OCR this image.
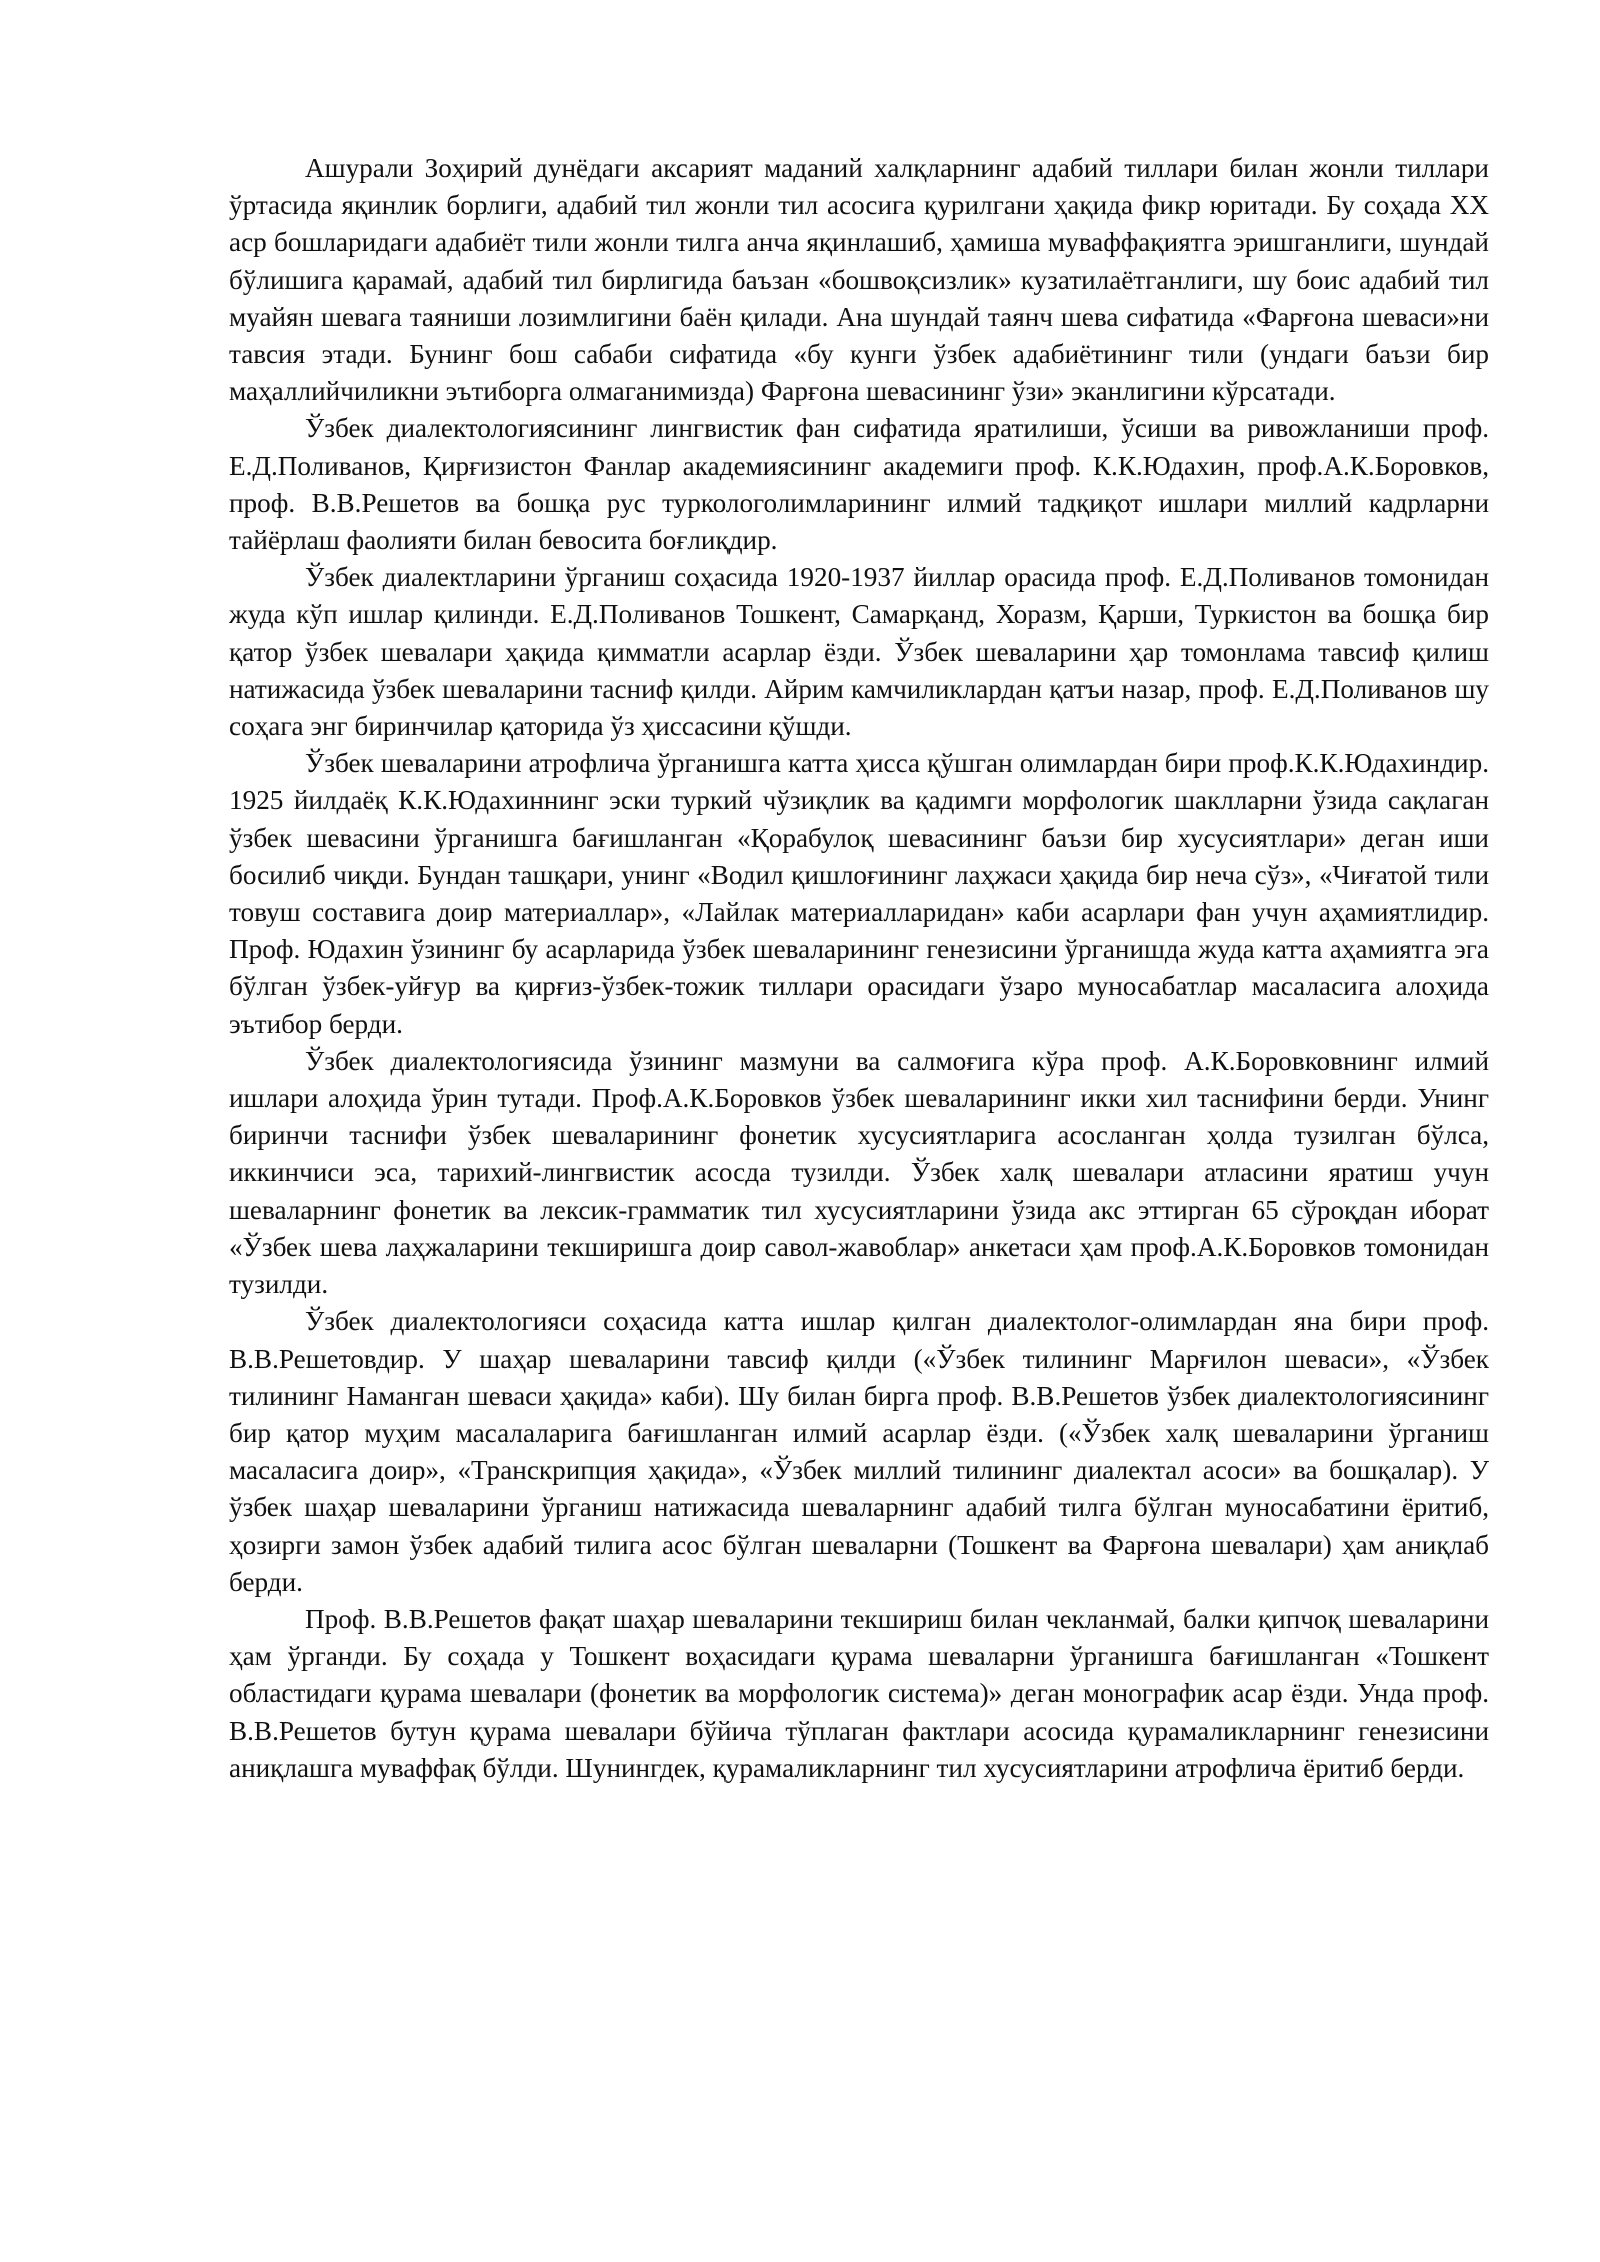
Ашурали Зоҳирий дунёдаги аксарият маданий халқларнинг адабий тиллари билан жонли тиллари ўртасида яқинлик борлиги, адабий тил жонли тил асосига қурилгани ҳақида фикр юритади. Бу соҳада ХХ аср бошларидаги адабиёт тили жонли тилга анча яқинлашиб, ҳамиша муваффақиятга эришганлиги, шундай бўлишига қарамай, адабий тил бирлигида баъзан «бошвоқсизлик» кузатилаётганлиги, шу боис адабий тил муайян шевага таяниши лозимлигини баён қилади. Ана шундай таянч шева сифатида «Фарғона шеваси»ни тавсия этади. Бунинг бош сабаби сифатида «бу кунги ўзбек адабиётининг тили (ундаги баъзи бир маҳаллийчиликни эътиборга олмаганимизда) Фарғона шевасининг ўзи» эканлигини кўрсатади.

Ўзбек диалектологиясининг лингвистик фан сифатида яратилиши, ўсиши ва ривожланиши проф. Е.Д.Поливанов, Қирғизистон Фанлар академиясининг академиги проф. К.К.Юдахин, проф.А.К.Боровков, проф. В.В.Решетов ва бошқа рус туркологолимларининг илмий тадқиқот ишлари миллий кадрларни тайёрлаш фаолияти билан бевосита боғлиқдир.

Ўзбек диалектларини ўрганиш соҳасида 1920-1937 йиллар орасида проф. Е.Д.Поливанов томонидан жуда кўп ишлар қилинди. Е.Д.Поливанов Тошкент, Самарқанд, Хоразм, Қарши, Туркистон ва бошқа бир қатор ўзбек шевалари ҳақида қимматли асарлар ёзди. Ўзбек шеваларини ҳар томонлама тавсиф қилиш натижасида ўзбек шеваларини тасниф қилди. Айрим камчиликлардан қатъи назар, проф. Е.Д.Поливанов шу соҳага энг биринчилар қаторида ўз ҳиссасини қўшди.

Ўзбек шеваларини атрофлича ўрганишга катта ҳисса қўшган олимлардан бири проф.К.К.Юдахиндир. 1925 йилдаёқ К.К.Юдахиннинг эски туркий чўзиқлик ва қадимги морфологик шаклларни ўзида сақлаган ўзбек шевасини ўрганишга бағишланган «Қорабулоқ шевасининг баъзи бир хусусиятлари» деган иши босилиб чиқди. Бундан ташқари, унинг «Водил қишлоғининг лаҳжаси ҳақида бир неча сўз», «Чиғатой тили товуш составига доир материаллар», «Лайлак материалларидан» каби асарлари фан учун аҳамиятлидир. Проф. Юдахин ўзининг бу асарларида ўзбек шеваларининг генезисини ўрганишда жуда катта аҳамиятга эга бўлган ўзбек-уйғур ва қирғиз-ўзбек-тожик тиллари орасидаги ўзаро муносабатлар масаласига алоҳида эътибор берди.

Ўзбек диалектологиясида ўзининг мазмуни ва салмоғига кўра проф. А.К.Боровковнинг илмий ишлари алоҳида ўрин тутади. Проф.А.К.Боровков ўзбек шеваларининг икки хил таснифини берди. Унинг биринчи таснифи ўзбек шеваларининг фонетик хусусиятларига асосланган ҳолда тузилган бўлса, иккинчиси эса, тарихий-лингвистик асосда тузилди. Ўзбек халқ шевалари атласини яратиш учун шеваларнинг фонетик ва лексик-грамматик тил хусусиятларини ўзида акс эттирган 65 сўроқдан иборат «Ўзбек шева лаҳжаларини текширишга доир савол-жавоблар» анкетаси ҳам проф.А.К.Боровков томонидан тузилди.

Ўзбек диалектологияси соҳасида катта ишлар қилган диалектолог-олимлардан яна бири проф. В.В.Решетовдир. У шаҳар шеваларини тавсиф қилди («Ўзбек тилининг Марғилон шеваси», «Ўзбек тилининг Наманган шеваси ҳақида» каби). Шу билан бирга проф. В.В.Решетов ўзбек диалектологиясининг бир қатор муҳим масалаларига бағишланган илмий асарлар ёзди. («Ўзбек халқ шеваларини ўрганиш масаласига доир», «Транскрипция ҳақида», «Ўзбек миллий тилининг диалектал асоси» ва бошқалар). У ўзбек шаҳар шеваларини ўрганиш натижасида шеваларнинг адабий тилга бўлган муносабатини ёритиб, ҳозирги замон ўзбек адабий тилига асос бўлган шеваларни (Тошкент ва Фарғона шевалари) ҳам аниқлаб берди.

Проф. В.В.Решетов фақат шаҳар шеваларини текшириш билан чекланмай, балки қипчоқ шеваларини ҳам ўрганди. Бу соҳада у Тошкент воҳасидаги қурама шеваларни ўрганишга бағишланган «Тошкент областидаги қурама шевалари (фонетик ва морфологик система)» деган монографик асар ёзди. Унда проф. В.В.Решетов бутун қурама шевалари бўйича тўплаган фактлари асосида қурамаликларнинг генезисини аниқлашга муваффақ бўлди. Шунингдек, қурамаликларнинг тил хусусиятларини атрофлича ёритиб берди.
